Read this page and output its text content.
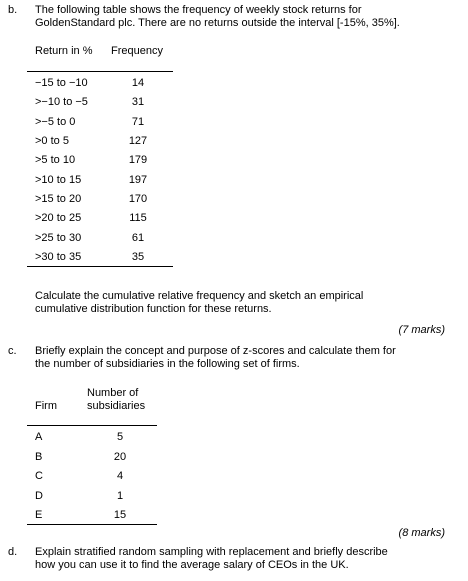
b. The following table shows the frequency of weekly stock returns for
GoldenStandard plc. There are no returns outside the interval [-15%, 35%].
Return in % Frequency
−15 to −10	14
>−10 to −5	31
>−5 to 0	71
>0 to 5	127
>5 to 10	179
>10 to 15	197
>15 to 20	170
>20 to 25	115
>25 to 30	61
>30 to 35	35
Calculate the cumulative relative frequency and sketch an empirical
cumulative distribution function for these returns.
(7 marks)
c. Briefly explain the concept and purpose of z-scores and calculate them for
the number of subsidiaries in the following set of firms.
Firm
Number of
subsidiaries
A	5
B	20
C	4
D	1
E	15
(8 marks)
d. Explain stratified random sampling with replacement and briefly describe
how you can use it to find the average salary of CEOs in the UK.
